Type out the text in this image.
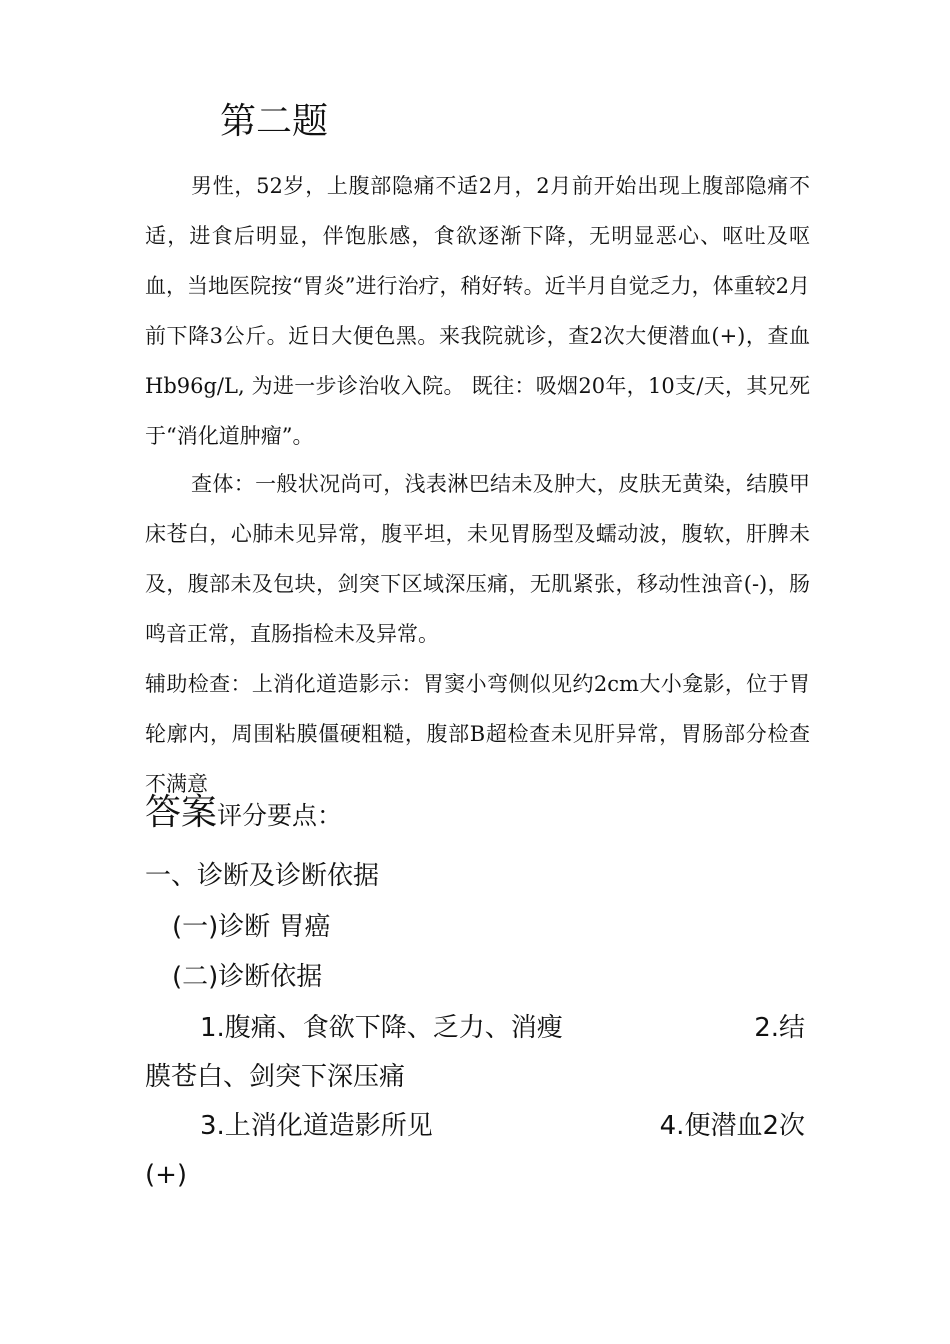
第二题
男性，52岁，上腹部隐痛不适2月，2月前开始出现上腹部隐痛不适，进食后明显，伴饱胀感，食欲逐渐下降，无明显恶心、呕吐及呕血，当地医院按“胃炎”进行治疗，稍好转。近半月自觉乏力，体重较2月前下降3公斤。近日大便色黑。来我院就诊，查2次大便潜血(+)，查血Hb96g/L, 为进一步诊治收入院。 既往：吸烟20年，10支/天，其兄死于“消化道肿瘤”。
查体：一般状况尚可，浅表淋巴结未及肿大，皮肤无黄染，结膜甲床苍白，心肺未见异常，腹平坦，未见胃肠型及蠕动波，腹软，肝脾未及，腹部未及包块，剑突下区域深压痛，无肌紧张，移动性浊音(-)，肠鸣音正常，直肠指检未及异常。
辅助检查：上消化道造影示：胃窦小弯侧似见约2cm大小龛影，位于胃轮廓内，周围粘膜僵硬粗糙，腹部B超检查未见肝异常，胃肠部分检查不满意
答案评分要点：
一、诊断及诊断依据
(一)诊断 胃癌
(二)诊断依据
1.腹痛、食欲下降、乏力、消瘦	2.结
膜苍白、剑突下深压痛
3.上消化道造影所见	4.便潜血2次
(+)
